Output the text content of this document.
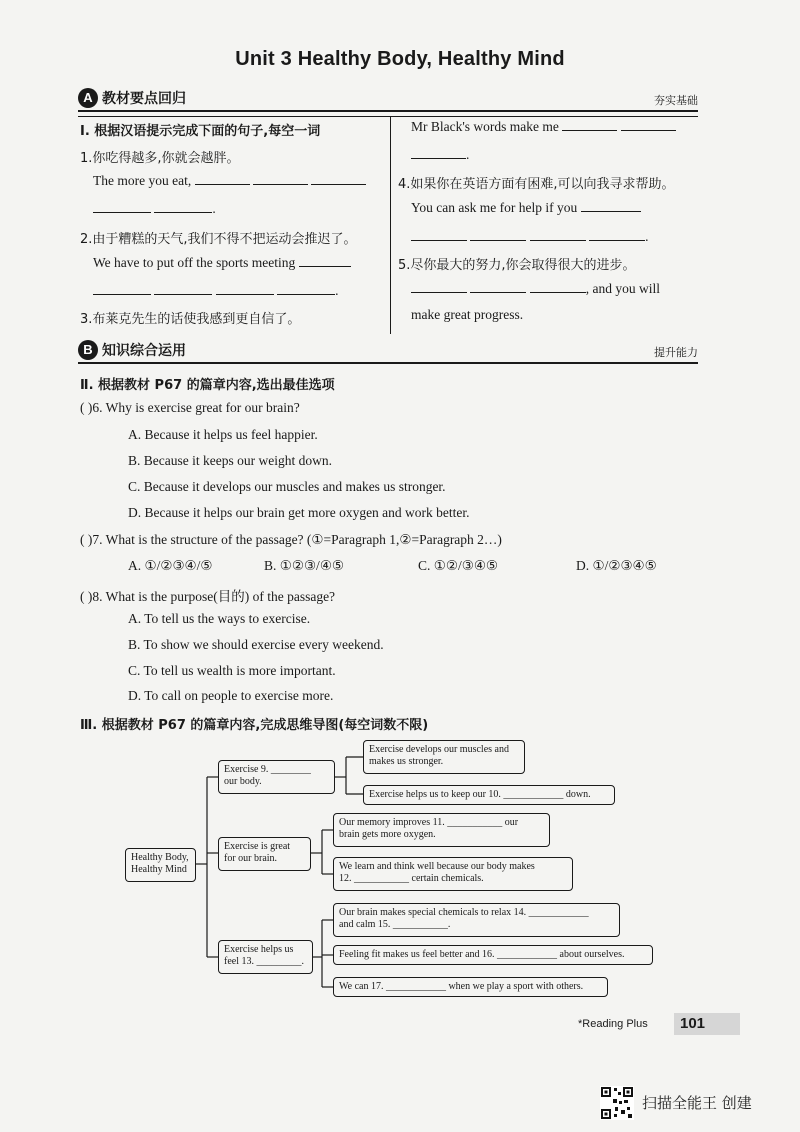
Unit 3 Healthy Body, Healthy Mind
A 教材要点回归	夯实基础
Ⅰ. 根据汉语提示完成下面的句子,每空一词
1.你吃得越多,你就会越胖。
The more you eat,
.
2.由于糟糕的天气,我们不得不把运动会推迟了。
We have to put off the sports meeting
.
3.布莱克先生的话使我感到更自信了。
Mr Black's words make me
.
4.如果你在英语方面有困难,可以向我寻求帮助。
You can ask me for help if you
.
5.尽你最大的努力,你会取得很大的进步。
, and you will
make great progress.
B 知识综合运用	提升能力
Ⅱ. 根据教材 P67 的篇章内容,选出最佳选项
( )6. Why is exercise great for our brain?
A. Because it helps us feel happier.
B. Because it keeps our weight down.
C. Because it develops our muscles and makes us stronger.
D. Because it helps our brain get more oxygen and work better.
( )7. What is the structure of the passage? (①=Paragraph 1,②=Paragraph 2…)
A. ①/②③④/⑤	B. ①②③/④⑤	C. ①②/③④⑤	D. ①/②③④⑤
( )8. What is the purpose(目的) of the passage?
A. To tell us the ways to exercise.
B. To show we should exercise every weekend.
C. To tell us wealth is more important.
D. To call on people to exercise more.
Ⅲ. 根据教材 P67 的篇章内容,完成思维导图(每空词数不限)
Healthy Body,
Healthy Mind
Exercise 9. ________
our body.
Exercise develops our muscles and
makes us stronger.
Exercise helps us to keep our 10. ____________ down.
Exercise is great
for our brain.
Our memory improves 11. ___________ our
brain gets more oxygen.
We learn and think well because our body makes
12. ___________ certain chemicals.
Exercise helps us
feel 13. _________.
Our brain makes special chemicals to relax 14. ____________
and calm 15. ___________.
Feeling fit makes us feel better and 16. ____________ about ourselves.
We can 17. ____________ when we play a sport with others.
*Reading Plus 101
扫描全能王 创建
